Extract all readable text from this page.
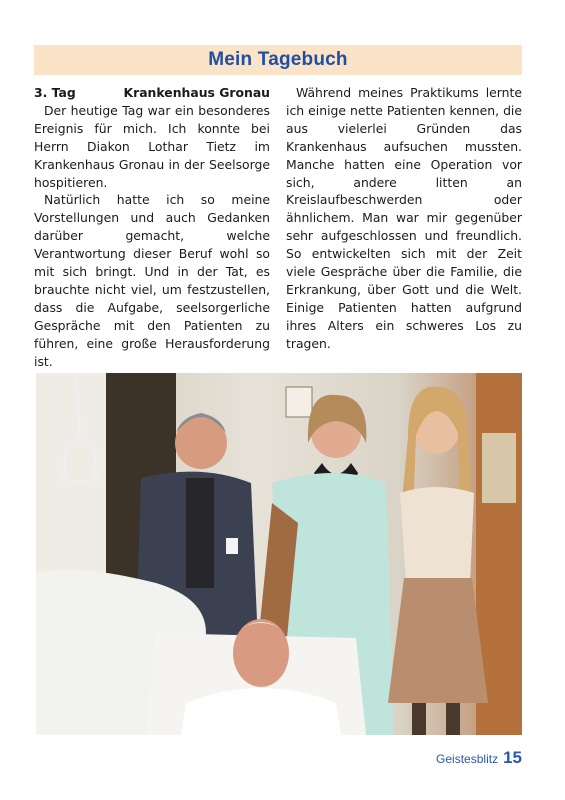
Mein Tagebuch
3. Tag	Krankenhaus Gronau

Der heutige Tag war ein besonderes Ereignis für mich. Ich konnte bei Herrn Diakon Lothar Tietz im Krankenhaus Gronau in der Seelsorge hospitieren.

Natürlich hatte ich so meine Vorstellungen und auch Gedanken darüber gemacht, welche Verantwortung dieser Beruf wohl so mit sich bringt. Und in der Tat, es brauchte nicht viel, um festzustellen, dass die Aufgabe, seelsorgerliche Gespräche mit den Patienten zu führen, eine große Herausforderung ist.

Während meines Praktikums lernte ich einige nette Patienten kennen, die aus vielerlei Gründen das Krankenhaus aufsuchen mussten. Manche hatten eine Operation vor sich, andere litten an Kreislaufbeschwerden oder ähnlichem. Man war mir gegenüber sehr aufgeschlossen und freundlich. So entwickelten sich mit der Zeit viele Gespräche über die Familie, die Erkrankung, über Gott und die Welt. Einige Patienten hatten aufgrund ihres Alters ein schweres Los zu tragen.

Geistesblitz 15
